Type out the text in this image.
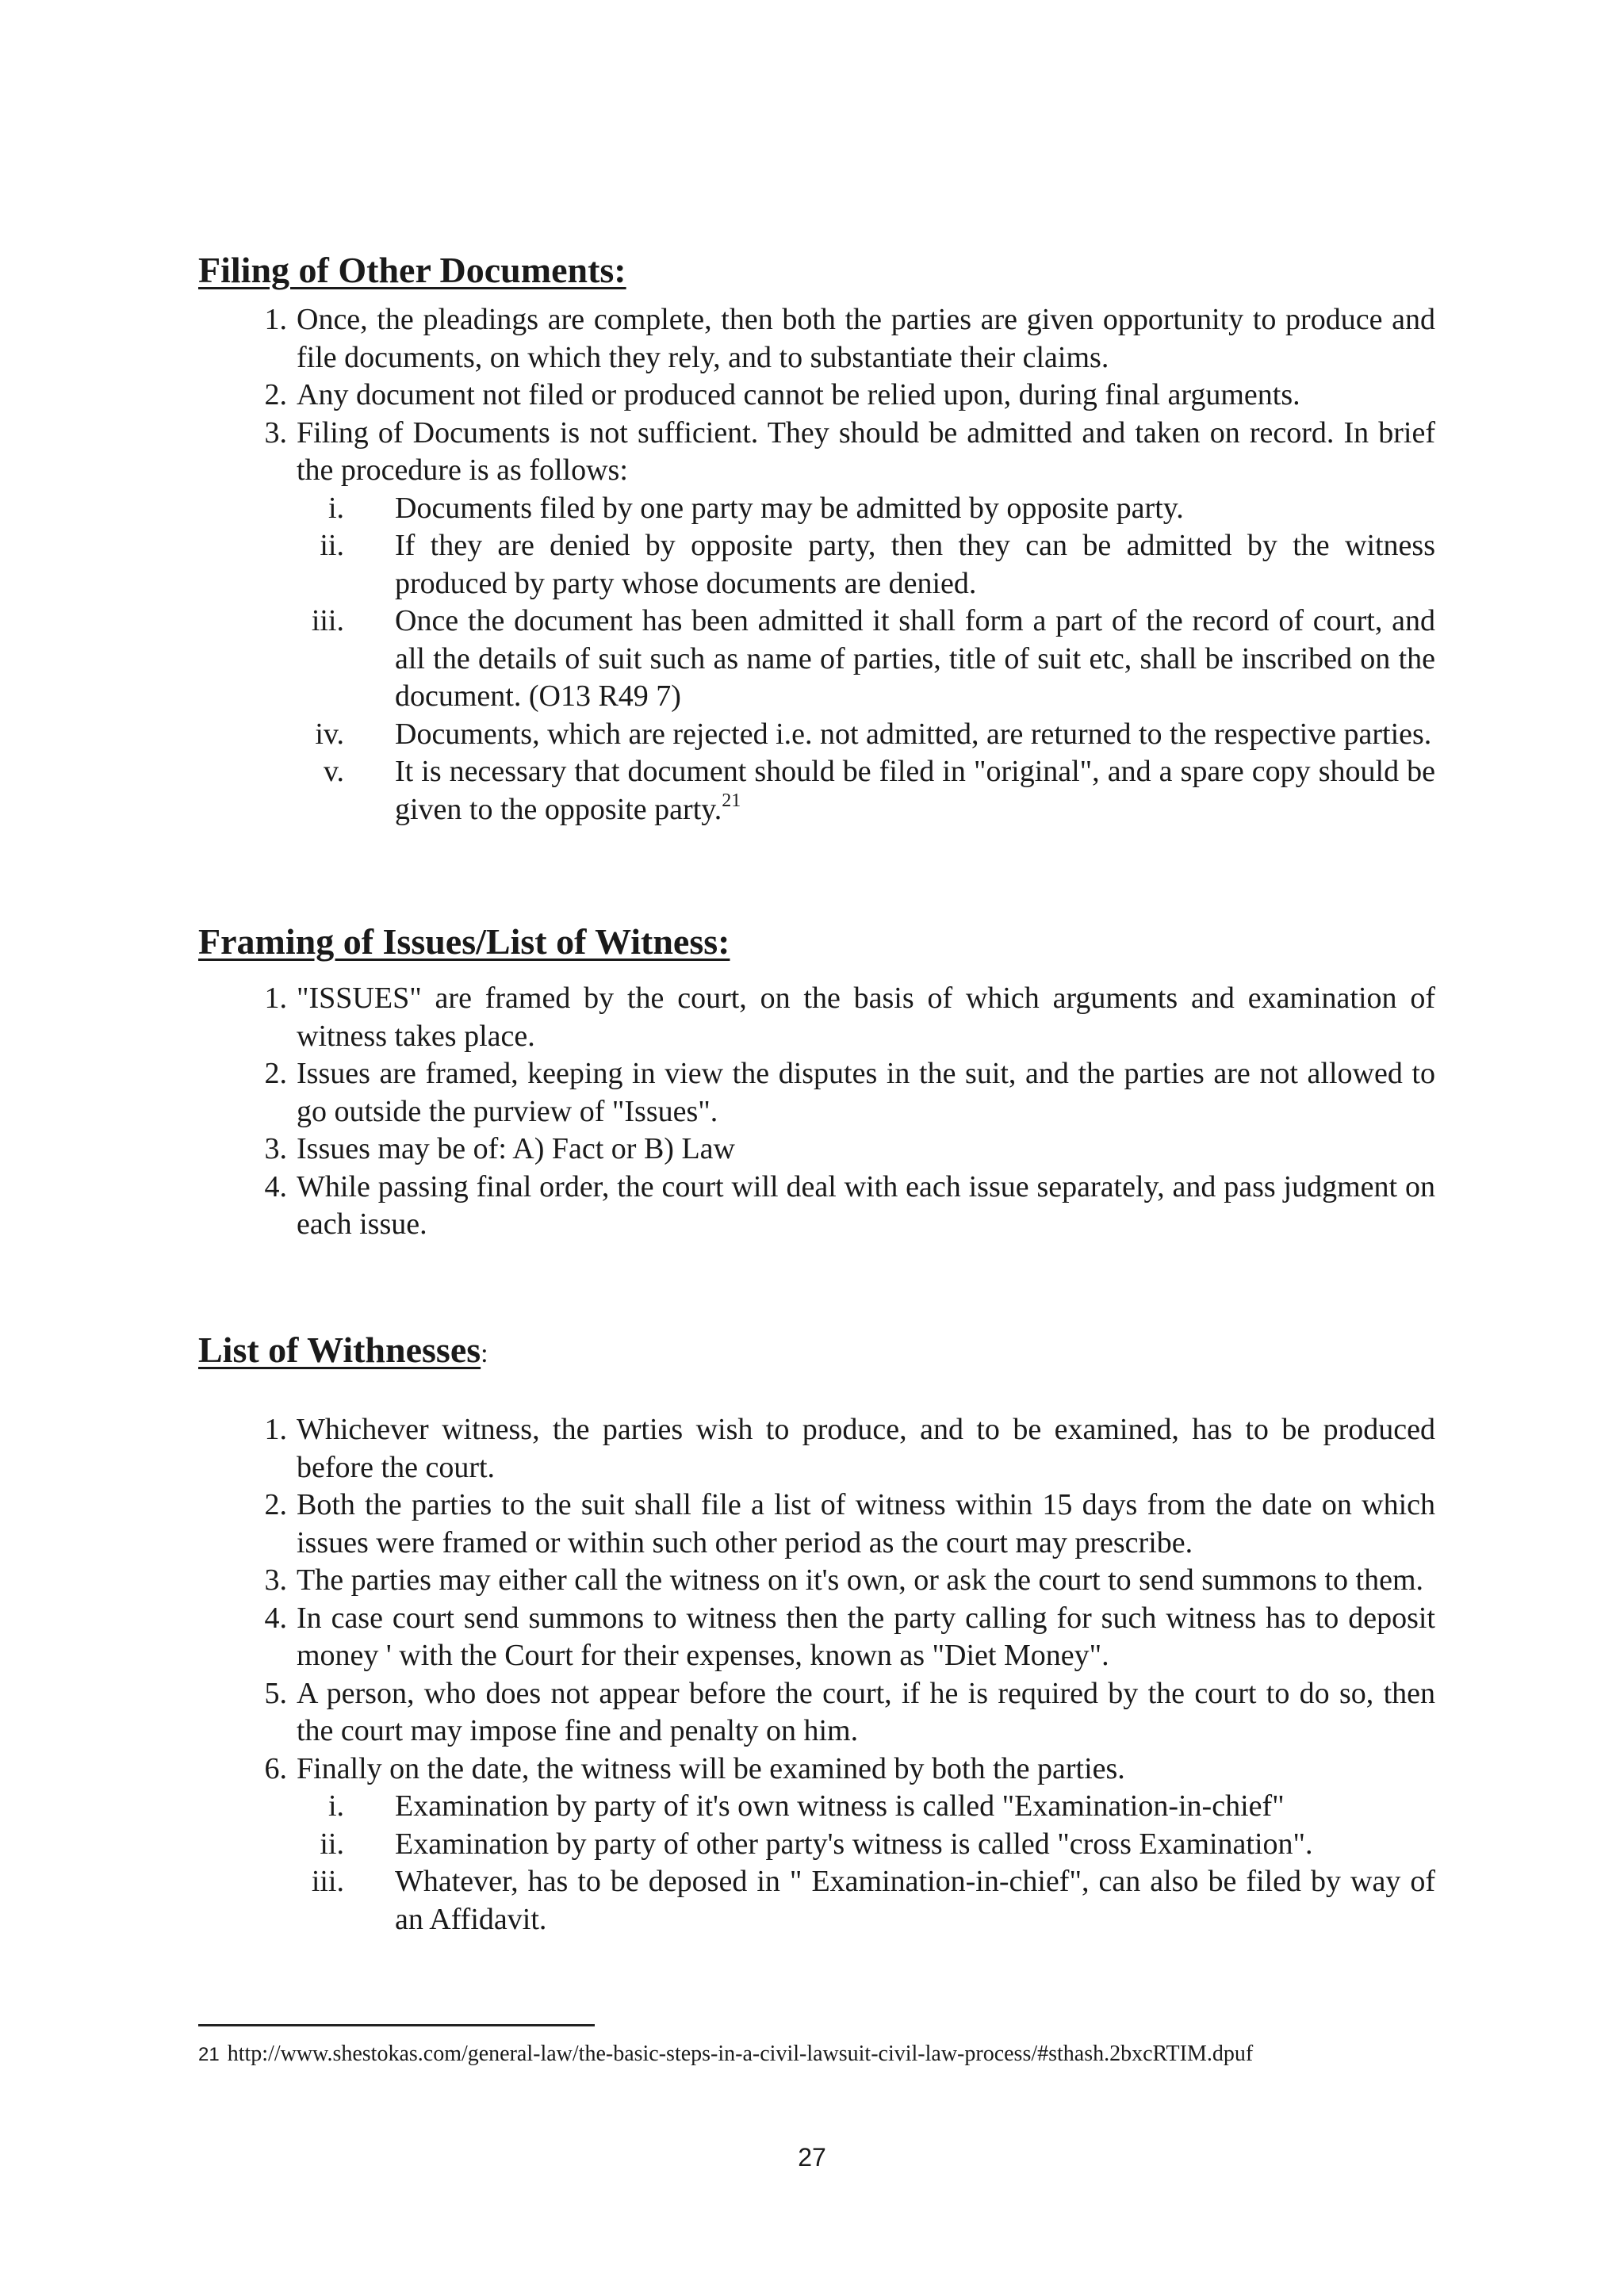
Filing of Other Documents:
1. Once, the pleadings are complete, then both the parties are given opportunity to produce and file documents, on which they rely, and to substantiate their claims.
2. Any document not filed or produced cannot be relied upon, during final arguments.
3. Filing of Documents is not sufficient. They should be admitted and taken on record. In brief the procedure is as follows:
i. Documents filed by one party may be admitted by opposite party.
ii. If they are denied by opposite party, then they can be admitted by the witness produced by party whose documents are denied.
iii. Once the document has been admitted it shall form a part of the record of court, and all the details of suit such as name of parties, title of suit etc, shall be inscribed on the document. (O13 R49 7)
iv. Documents, which are rejected i.e. not admitted, are returned to the respective parties.
v. It is necessary that document should be filed in "original", and a spare copy should be given to the opposite party.$^{21}$
Framing of Issues/List of Witness:
1. "ISSUES" are framed by the court, on the basis of which arguments and examination of witness takes place.
2. Issues are framed, keeping in view the disputes in the suit, and the parties are not allowed to go outside the purview of "Issues".
3. Issues may be of: A) Fact or B) Law
4. While passing final order, the court will deal with each issue separately, and pass judgment on each issue.
List of Withnesses:
1. Whichever witness, the parties wish to produce, and to be examined, has to be produced before the court.
2. Both the parties to the suit shall file a list of witness within 15 days from the date on which issues were framed or within such other period as the court may prescribe.
3. The parties may either call the witness on it's own, or ask the court to send summons to them.
4. In case court send summons to witness then the party calling for such witness has to deposit money ' with the Court for their expenses, known as "Diet Money".
5. A person, who does not appear before the court, if he is required by the court to do so, then the court may impose fine and penalty on him.
6. Finally on the date, the witness will be examined by both the parties.
i. Examination by party of it's own witness is called "Examination-in-chief"
ii. Examination by party of other party's witness is called "cross Examination".
iii. Whatever, has to be deposed in " Examination-in-chief", can also be filed by way of an Affidavit.
21 http://www.shestokas.com/general-law/the-basic-steps-in-a-civil-lawsuit-civil-law-process/#sthash.2bxcRTIM.dpuf
27
